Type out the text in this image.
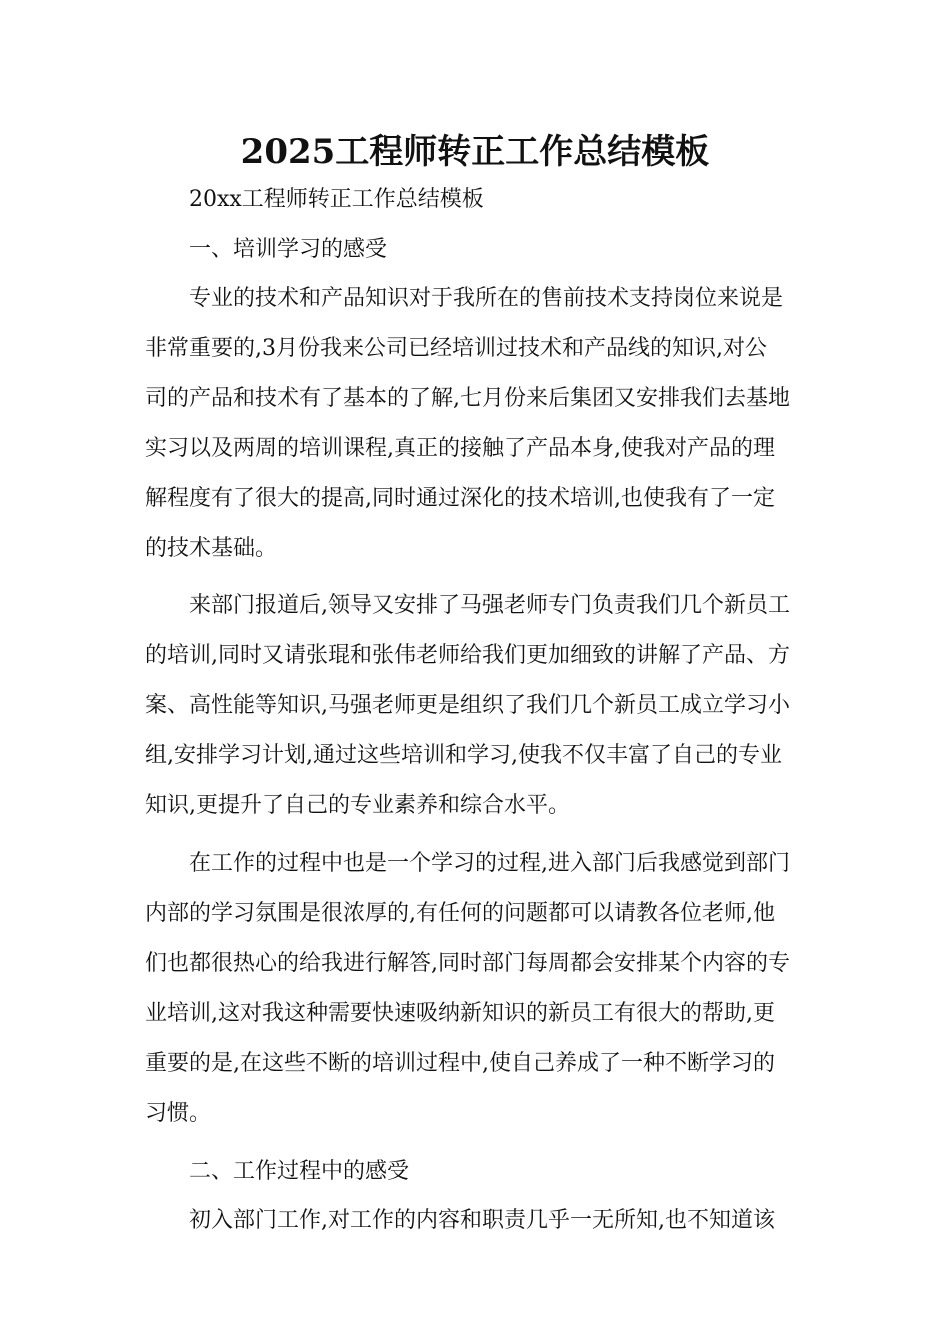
2025工程师转正工作总结模板

20xx工程师转正工作总结模板

一、培训学习的感受

专业的技术和产品知识对于我所在的售前技术支持岗位来说是

非常重要的,3月份我来公司已经培训过技术和产品线的知识,对公

司的产品和技术有了基本的了解,七月份来后集团又安排我们去基地

实习以及两周的培训课程,真正的接触了产品本身,使我对产品的理

解程度有了很大的提高,同时通过深化的技术培训,也使我有了一定

的技术基础。

来部门报道后,领导又安排了马强老师专门负责我们几个新员工

的培训,同时又请张琨和张伟老师给我们更加细致的讲解了产品、方

案、高性能等知识,马强老师更是组织了我们几个新员工成立学习小

组,安排学习计划,通过这些培训和学习,使我不仅丰富了自己的专业

知识,更提升了自己的专业素养和综合水平。

在工作的过程中也是一个学习的过程,进入部门后我感觉到部门

内部的学习氛围是很浓厚的,有任何的问题都可以请教各位老师,他

们也都很热心的给我进行解答,同时部门每周都会安排某个内容的专

业培训,这对我这种需要快速吸纳新知识的新员工有很大的帮助,更

重要的是,在这些不断的培训过程中,使自己养成了一种不断学习的

习惯。

二、工作过程中的感受

初入部门工作,对工作的内容和职责几乎一无所知,也不知道该
